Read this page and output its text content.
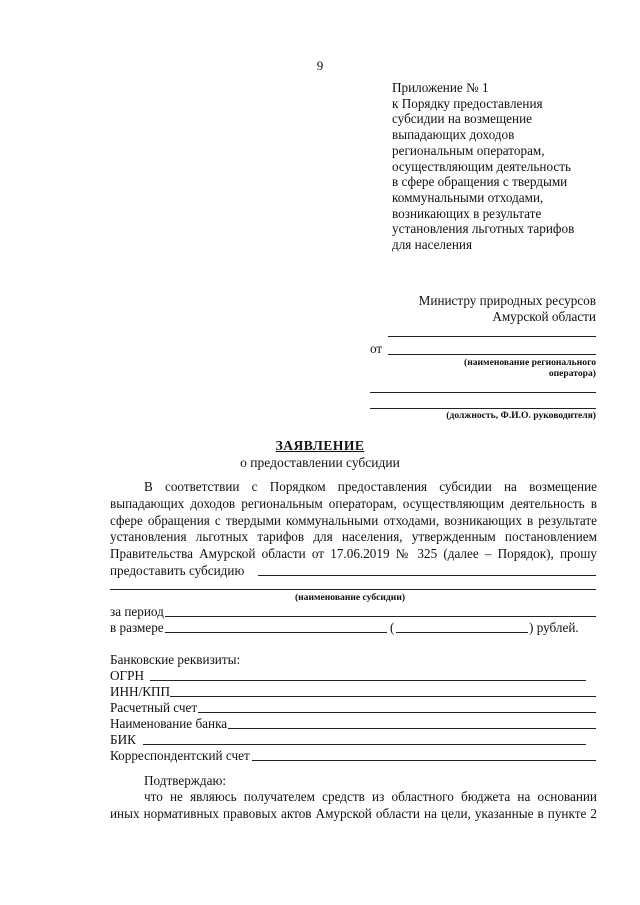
9
Приложение № 1
к Порядку предоставления
субсидии на возмещение
выпадающих доходов
региональным операторам,
осуществляющим деятельность
в сфере обращения с твердыми
коммунальными отходами,
возникающих в результате
установления льготных тарифов
для населения
Министру природных ресурсов
Амурской области
от
(наименование регионального
оператора)
(должность, Ф.И.О. руководителя)
ЗАЯВЛЕНИЕ
о предоставлении субсидии
В соответствии с Порядком предоставления субсидии на возмещение
выпадающих доходов региональным операторам, осуществляющим деятельность в
сфере обращения с твердыми коммунальными отходами, возникающих в результате
установления льготных тарифов для населения, утвержденным постановлением
Правительства Амурской области от 17.06.2019 № 325 (далее – Порядок), прошу
предоставить субсидию
(наименование субсидии)
за период
в размере	(	) рублей.
Банковские реквизиты:
ОГРН
ИНН/КПП
Расчетный счет
Наименование банка
БИК
Корреспондентский счет
Подтверждаю:
что не являюсь получателем средств из областного бюджета на основании
иных нормативных правовых актов Амурской области на цели, указанные в пункте 2
